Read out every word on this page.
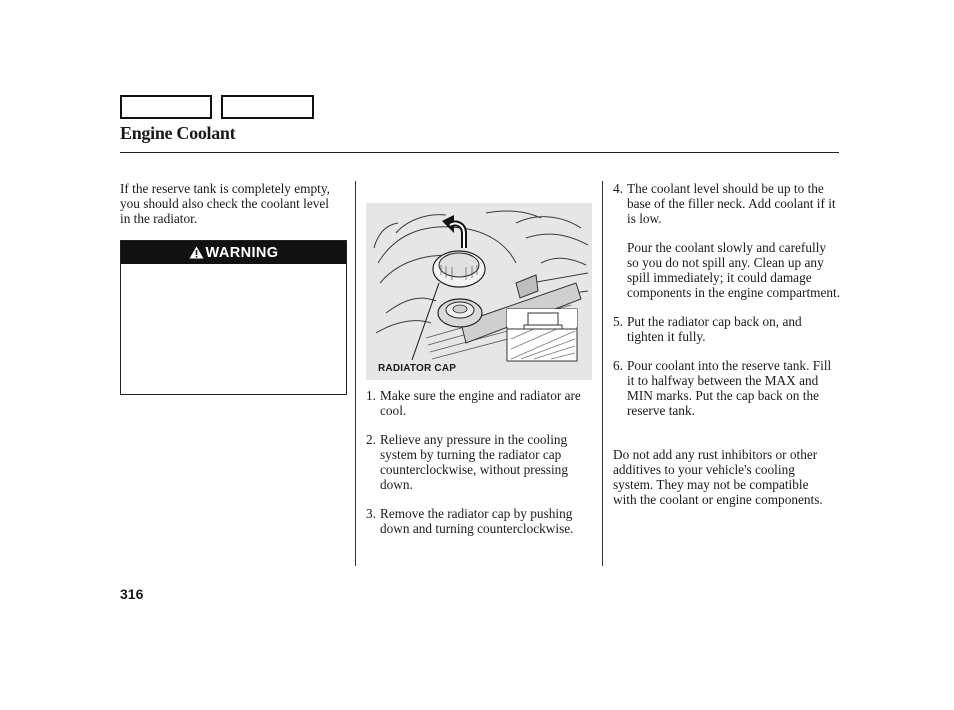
Engine Coolant

If the reserve tank is completely empty, you should also check the coolant level in the radiator.

WARNING
RADIATOR CAP
1. Make sure the engine and radiator are cool.
2. Relieve any pressure in the cooling system by turning the radiator cap counterclockwise, without pressing down.
3. Remove the radiator cap by pushing down and turning counterclockwise.
4. The coolant level should be up to the base of the filler neck. Add coolant if it is low.
Pour the coolant slowly and carefully so you do not spill any. Clean up any spill immediately; it could damage components in the engine compartment.
5. Put the radiator cap back on, and tighten it fully.
6. Pour coolant into the reserve tank. Fill it to halfway between the MAX and MIN marks. Put the cap back on the reserve tank.

Do not add any rust inhibitors or other additives to your vehicle's cooling system. They may not be compatible with the coolant or engine components.

316
